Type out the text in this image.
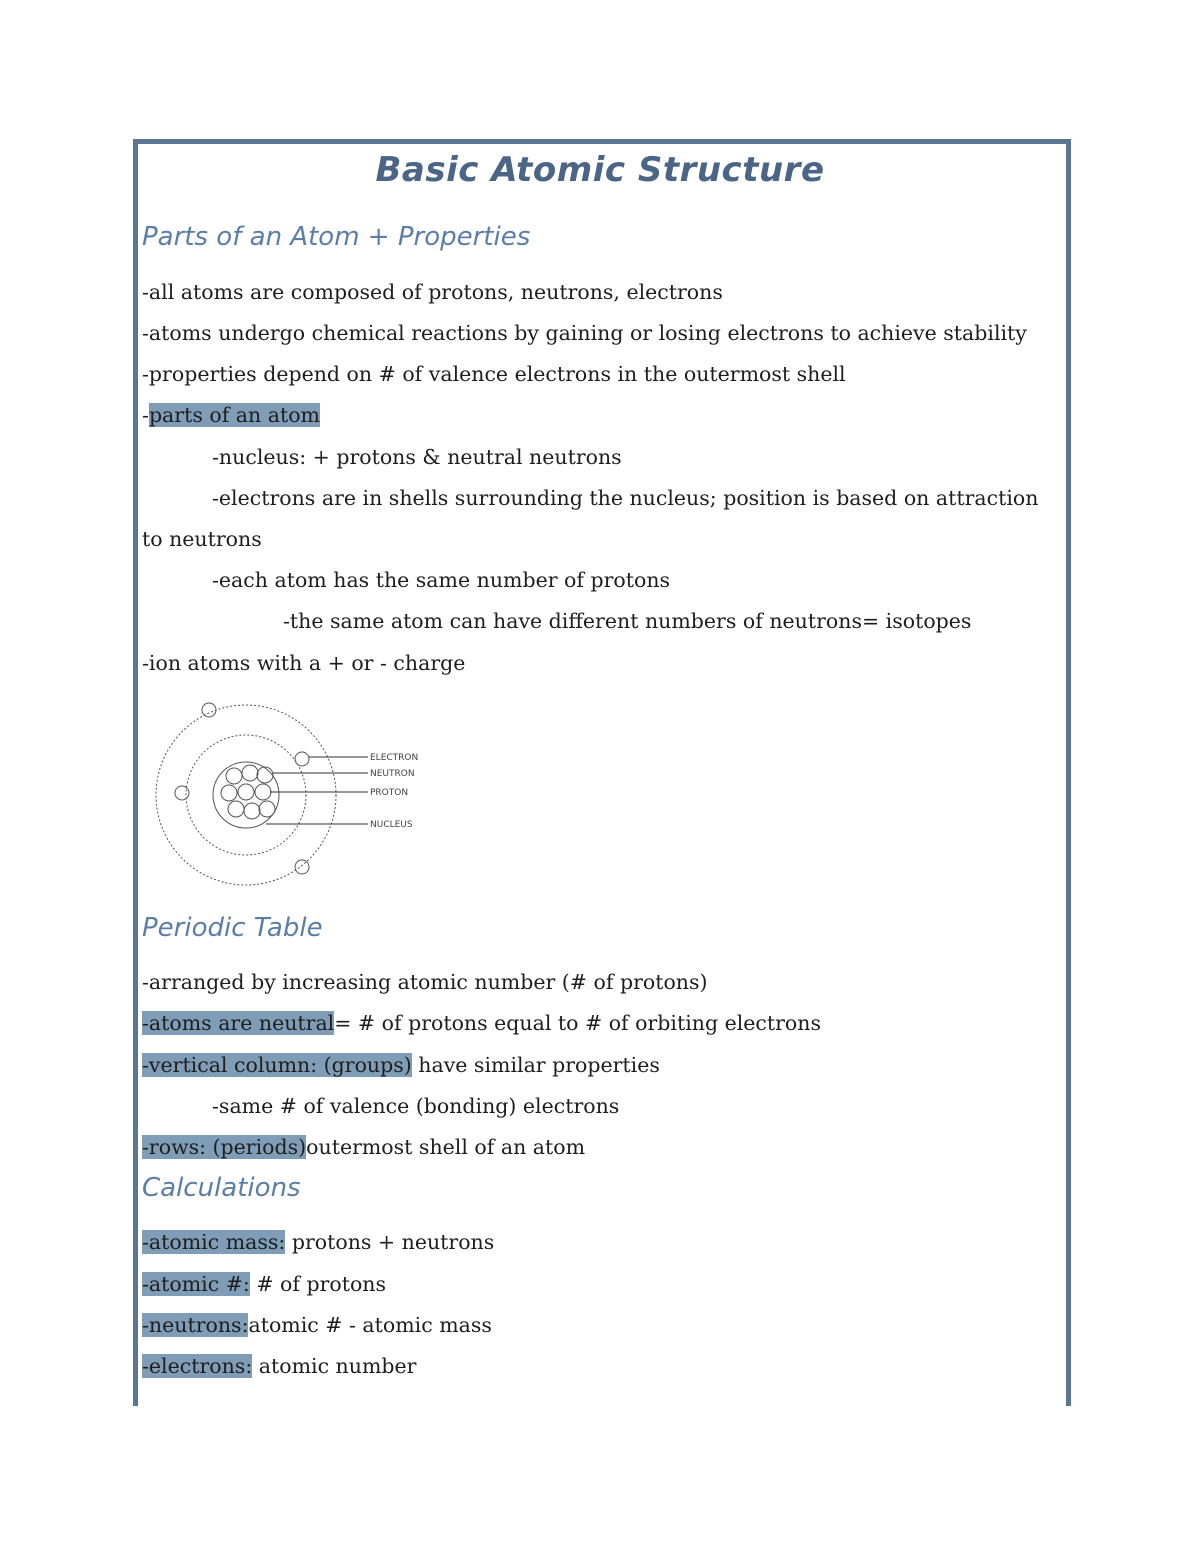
Basic Atomic Structure
Parts of an Atom + Properties
-all atoms are composed of protons, neutrons, electrons
-atoms undergo chemical reactions by gaining or losing electrons to achieve stability
-properties depend on # of valence electrons in the outermost shell
-parts of an atom
-nucleus: + protons & neutral neutrons
-electrons are in shells surrounding the nucleus; position is based on attraction
to neutrons
-each atom has the same number of protons
-the same atom can have different numbers of neutrons= isotopes
-ion atoms with a + or - charge
ELECTRON
NEUTRON
PROTON
NUCLEUS
Periodic Table
-arranged by increasing atomic number (# of protons)
-atoms are neutral= # of protons equal to # of orbiting electrons
-vertical column: (groups) have similar properties
-same # of valence (bonding) electrons
-rows: (periods)outermost shell of an atom
Calculations
-atomic mass: protons + neutrons
-atomic #: # of protons
-neutrons:atomic # - atomic mass
-electrons: atomic number
